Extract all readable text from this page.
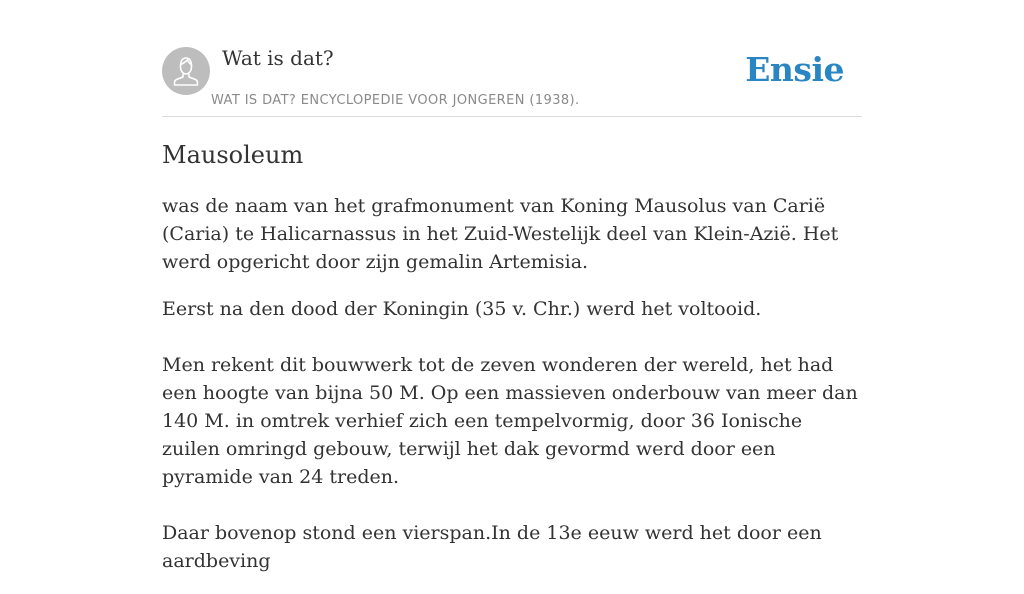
Wat is dat?
WAT IS DAT? ENCYCLOPEDIE VOOR JONGEREN (1938).
Ensie
Mausoleum

was de naam van het grafmonument van Koning Mausolus van Carië (Caria) te Halicarnassus in het Zuid-Westelijk deel van Klein-Azië. Het werd opgericht door zijn gemalin Artemisia.

Eerst na den dood der Koningin (35 v. Chr.) werd het voltooid.

Men rekent dit bouwwerk tot de zeven wonderen der wereld, het had een hoogte van bijna 50 M. Op een massieven onderbouw van meer dan 140 M. in omtrek verhief zich een tempelvormig, door 36 Ionische zuilen omringd gebouw, terwijl het dak gevormd werd door een pyramide van 24 treden.

Daar bovenop stond een vierspan.In de 13e eeuw werd het door een aardbeving
